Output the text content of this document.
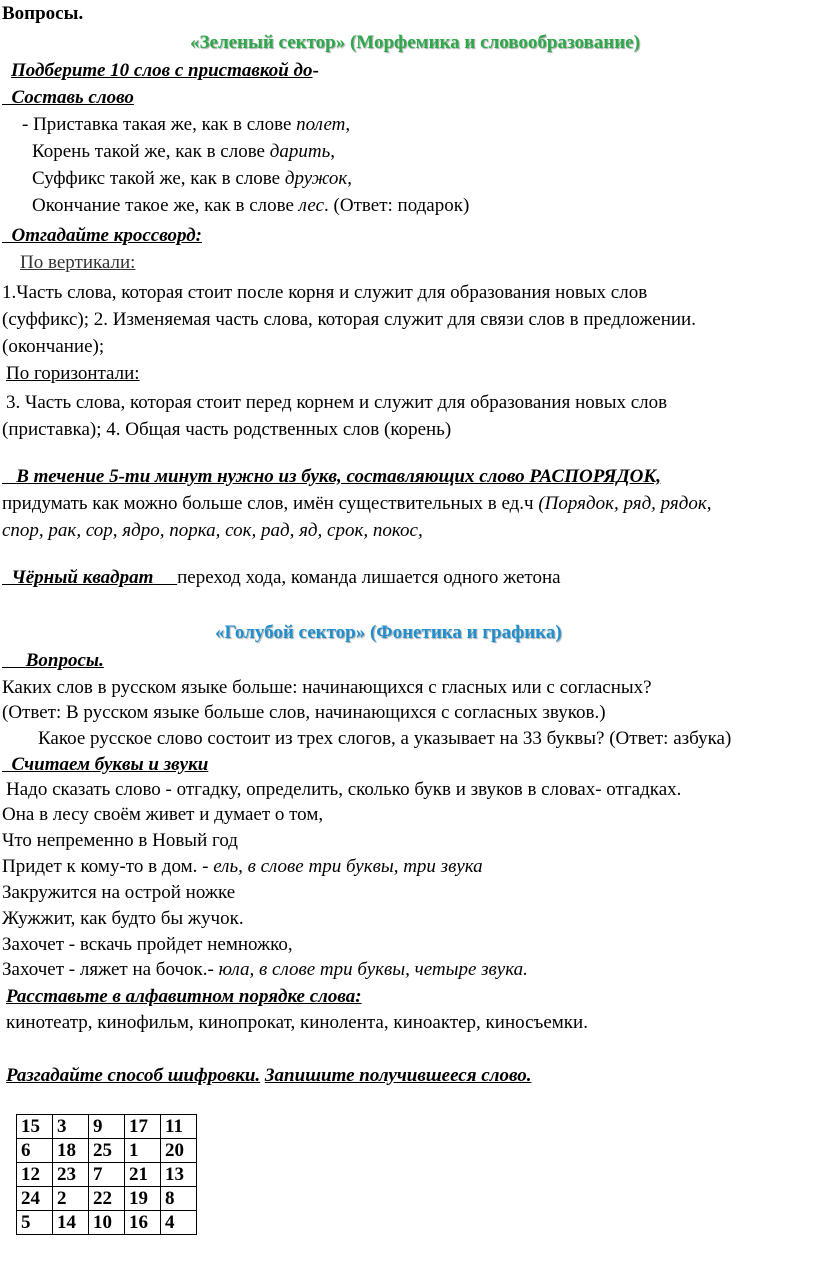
Вопросы.
«Зеленый сектор» (Морфемика и словообразование)
Подберите 10 слов с приставкой до-
Составь слово
- Приставка такая же, как в слове полет,
Корень такой же, как в слове дарить,
Суффикс такой же, как в слове дружок,
Окончание такое же, как в слове лес. (Ответ: подарок)
Отгадайте кроссворд:
По вертикали:
1.Часть слова, которая стоит после корня и служит для образования новых слов
(суффикс); 2. Изменяемая часть слова, которая служит для связи слов в предложении.
(окончание);
По горизонтали:
3. Часть слова, которая стоит перед корнем и служит для образования новых слов
(приставка); 4. Общая часть родственных слов (корень)
В течение 5-ти минут нужно из букв, составляющих слово РАСПОРЯДОК,
придумать как можно больше слов, имён существительных в ед.ч (Порядок, ряд, рядок,
спор, рак, сор, ядро, порка, сок, рад, яд, срок, покос,
Чёрный квадрат переход хода, команда лишается одного жетона
«Голубой сектор» (Фонетика и графика)
Вопросы.
Каких слов в русском языке больше: начинающихся с гласных или с согласных?
(Ответ: В русском языке больше слов, начинающихся с согласных звуков.)
Какое русское слово состоит из трех слогов, а указывает на 33 буквы? (Ответ: азбука)
Считаем буквы и звуки
Надо сказать слово - отгадку, определить, сколько букв и звуков в словах- отгадках.
Она в лесу своём живет и думает о том,
Что непременно в Новый год
Придет к кому-то в дом. - ель, в слове три буквы, три звука
Закружится на острой ножке
Жужжит, как будто бы жучок.
Захочет - вскачь пройдет немножко,
Захочет - ляжет на бочок.- юла, в слове три буквы, четыре звука.
Расставьте в алфавитном порядке слова:
кинотеатр, кинофильм, кинопрокат, кинолента, киноактер, киносъемки.
Разгадайте способ шифровки. Запишите получившееся слово.
15	3	9	17	11
6	18	25	1	20
12	23	7	21	13
24	2	22	19	8
5	14	10	16	4
